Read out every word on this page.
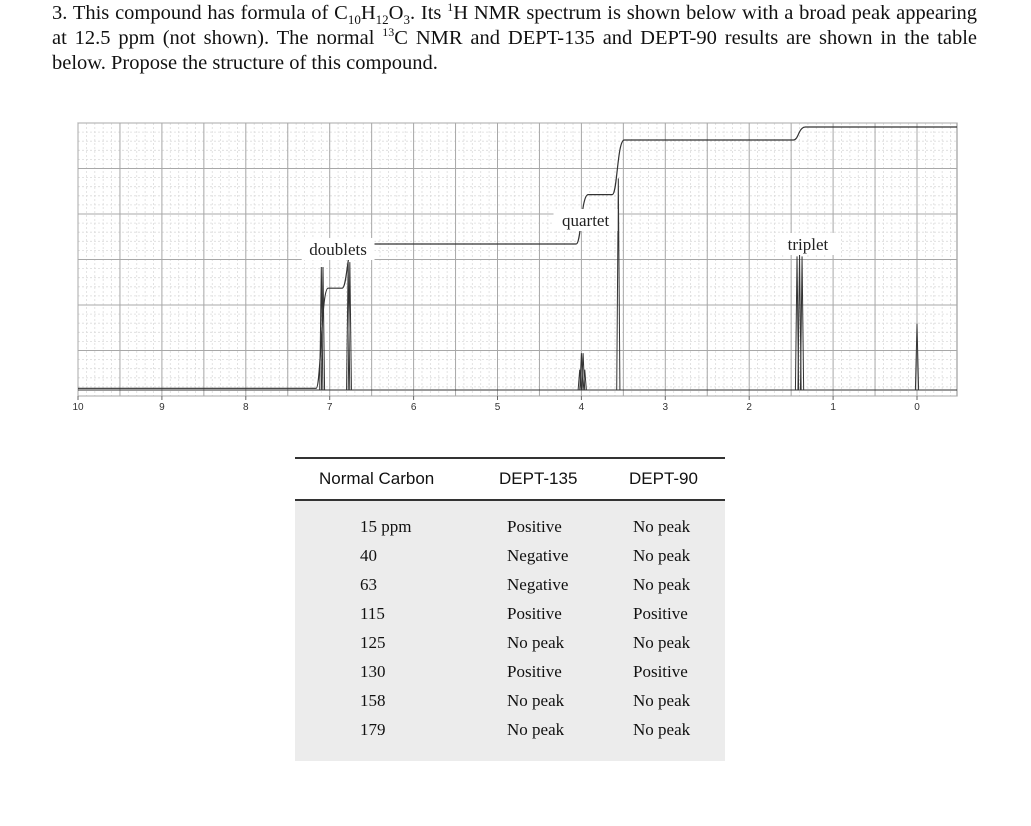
3. This compound has formula of $C_{10}H_{12}O_3$. Its $^1$H NMR spectrum is shown below with a broad peak appearing at 12.5 ppm (not shown). The normal $^{13}$C NMR and DEPT-135 and DEPT-90 results are shown in the table below. Propose the structure of this compound.

10	9	8	7	6	5	4	3	2	1	0
doublets
quartet
triplet
Normal Carbon	DEPT-135	DEPT-90
15 ppm	Positive	No peak
40	Negative	No peak
63	Negative	No peak
115	Positive	Positive
125	No peak	No peak
130	Positive	Positive
158	No peak	No peak
179	No peak	No peak
